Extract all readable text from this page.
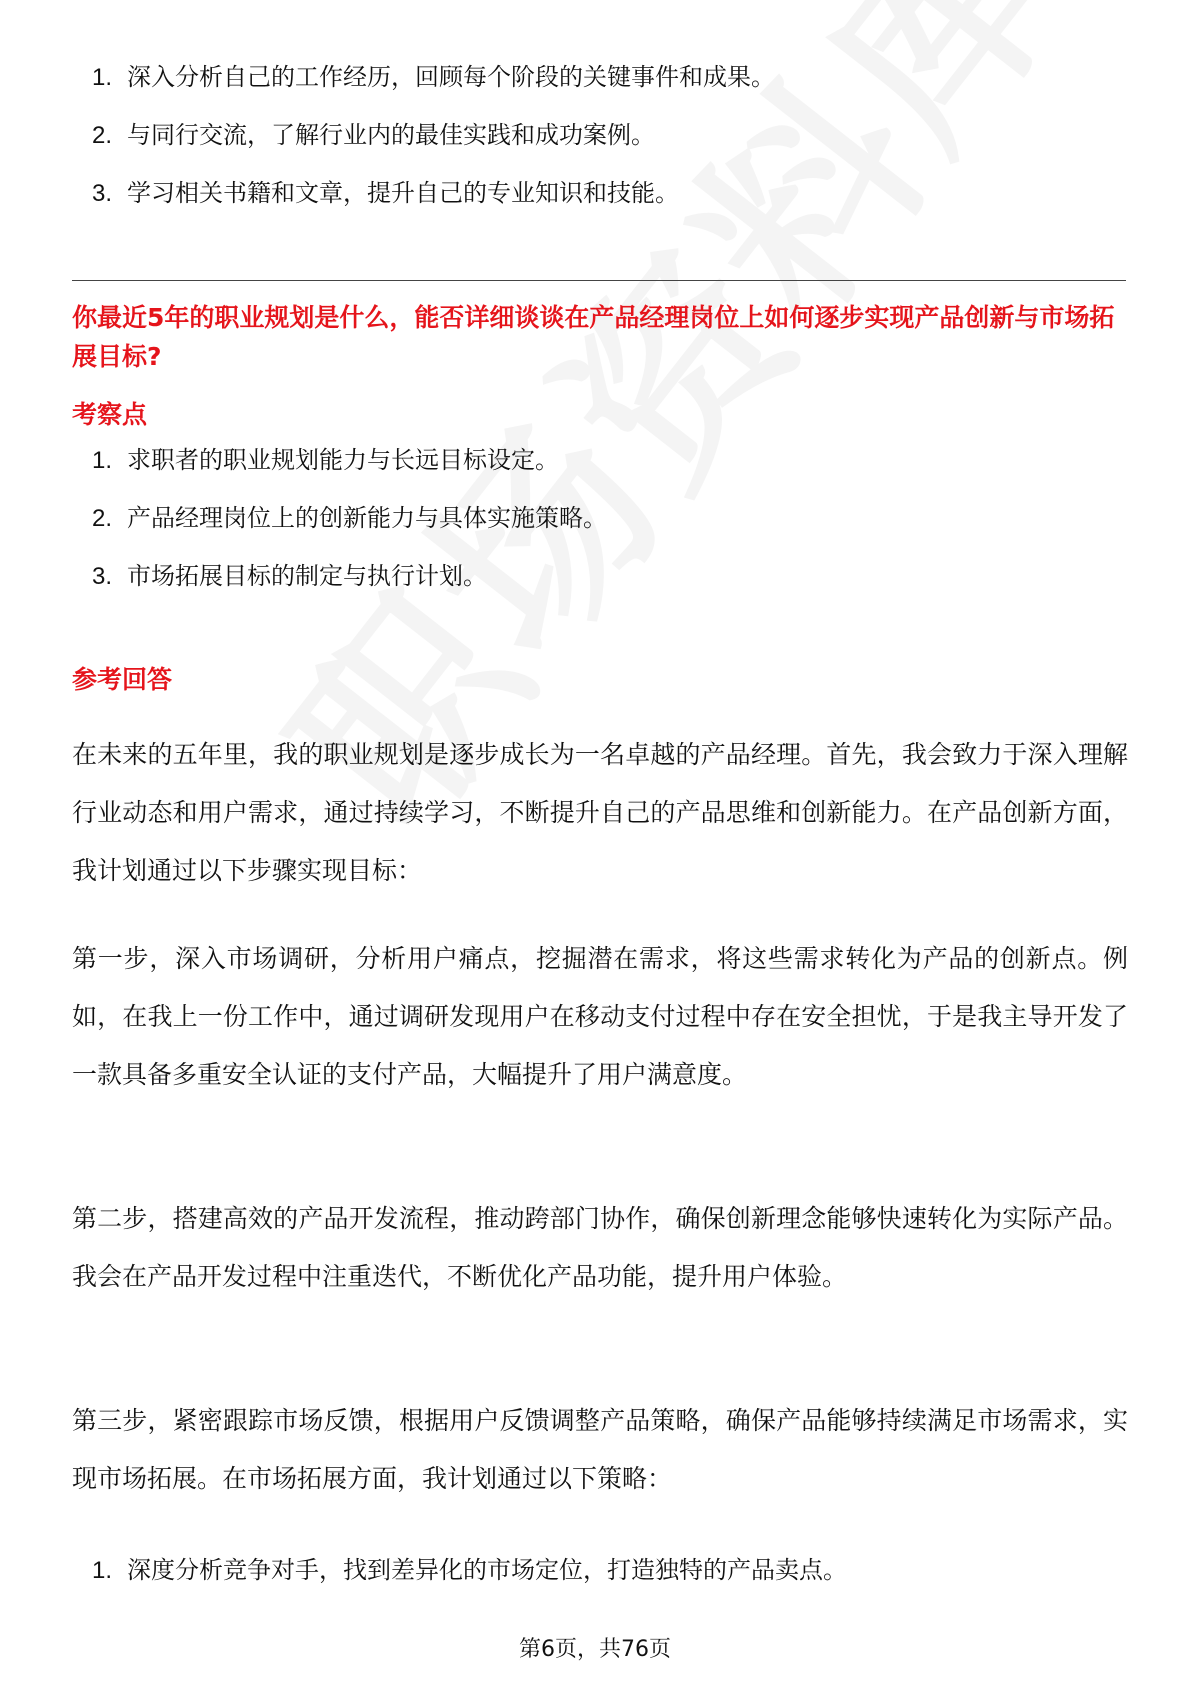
1. 深入分析自己的工作经历，回顾每个阶段的关键事件和成果。
2. 与同行交流，了解行业内的最佳实践和成功案例。
3. 学习相关书籍和文章，提升自己的专业知识和技能。
你最近5年的职业规划是什么，能否详细谈谈在产品经理岗位上如何逐步实现产品创新与市场拓展目标?
考察点
1. 求职者的职业规划能力与长远目标设定。
2. 产品经理岗位上的创新能力与具体实施策略。
3. 市场拓展目标的制定与执行计划。
参考回答

在未来的五年里，我的职业规划是逐步成长为一名卓越的产品经理。首先，我会致力于深入理解行业动态和用户需求，通过持续学习，不断提升自己的产品思维和创新能力。在产品创新方面，我计划通过以下步骤实现目标：

第一步，深入市场调研，分析用户痛点，挖掘潜在需求，将这些需求转化为产品的创新点。例如，在我上一份工作中，通过调研发现用户在移动支付过程中存在安全担忧，于是我主导开发了一款具备多重安全认证的支付产品，大幅提升了用户满意度。

第二步，搭建高效的产品开发流程，推动跨部门协作，确保创新理念能够快速转化为实际产品。我会在产品开发过程中注重迭代，不断优化产品功能，提升用户体验。

第三步，紧密跟踪市场反馈，根据用户反馈调整产品策略，确保产品能够持续满足市场需求，实现市场拓展。在市场拓展方面，我计划通过以下策略：

1. 深度分析竞争对手，找到差异化的市场定位，打造独特的产品卖点。
第6页，共76页
